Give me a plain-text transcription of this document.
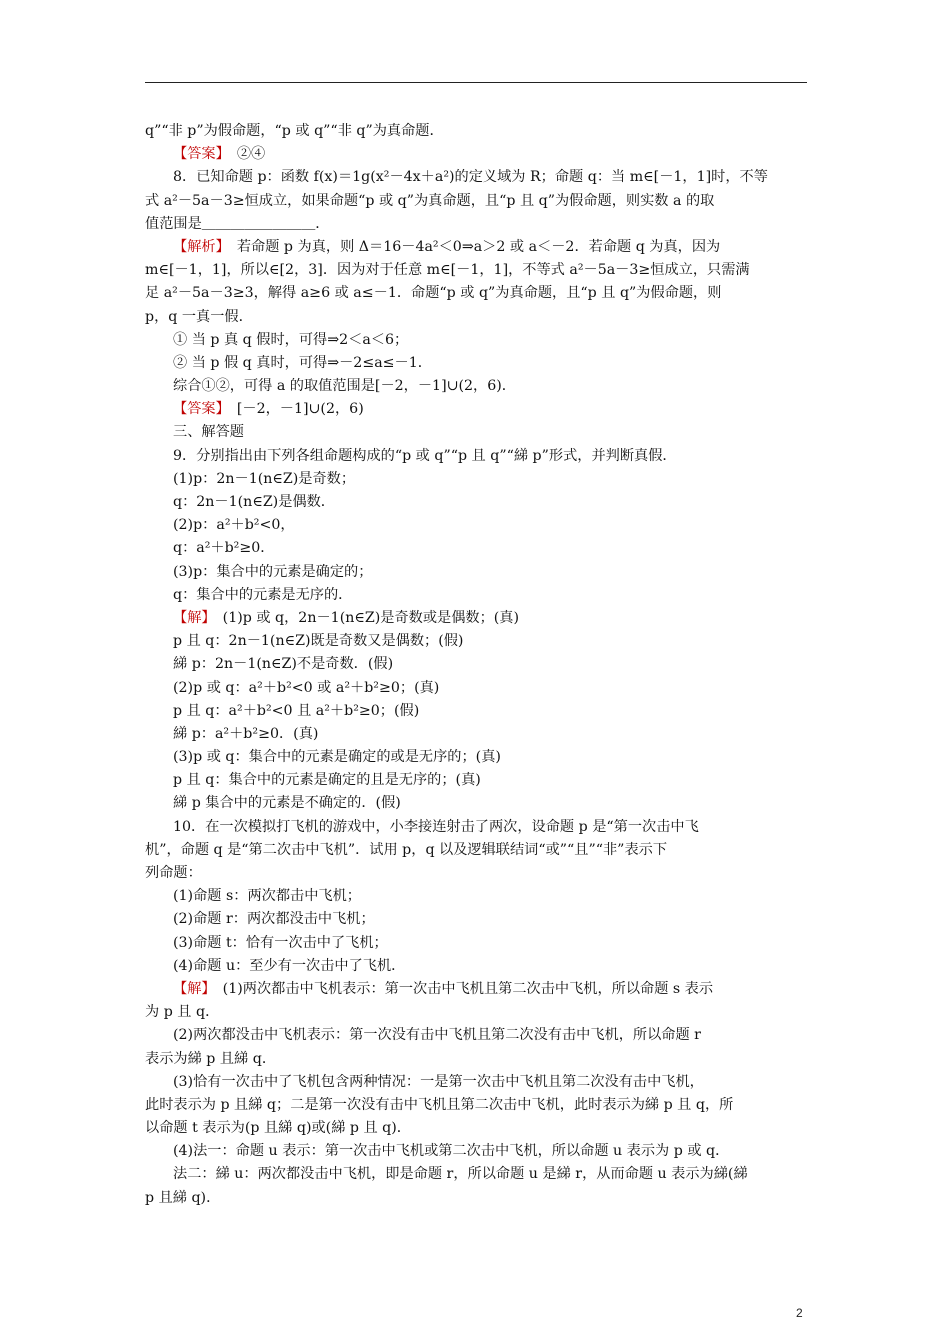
q”“非 p”为假命题，“p 或 q”“非 q”为真命题．
【答案】　②④
8．已知命题 p：函数 f(x)＝1g(x²－4x＋a²)的定义域为 R；命题 q：当 m∈[－1，1]时，不等
式 a²－5a－3≥恒成立，如果命题“p 或 q”为真命题，且“p 且 q”为假命题，则实数 a 的取
值范围是＿＿＿＿＿＿＿＿．
【解析】　若命题 p 为真，则 Δ＝16－4a²＜0⇒a＞2 或 a＜－2．若命题 q 为真，因为
m∈[－1，1]，所以∈[2，3]．因为对于任意 m∈[－1，1]，不等式 a²－5a－3≥恒成立，只需满
足 a²－5a－3≥3，解得 a≥6 或 a≤－1．命题“p 或 q”为真命题，且“p 且 q”为假命题，则
p，q 一真一假．
① 当 p 真 q 假时，可得⇒2＜a＜6；
② 当 p 假 q 真时，可得⇒－2≤a≤－1．
综合①②，可得 a 的取值范围是[－2，－1]∪(2，6)．
【答案】　[－2，－1]∪(2，6)
三、解答题
9．分别指出由下列各组命题构成的“p 或 q”“p 且 q”“綈 p”形式，并判断真假．
(1)p：2n－1(n∈Z)是奇数；
q：2n－1(n∈Z)是偶数．
(2)p：a²＋b²<0，
q：a²＋b²≥0．
(3)p：集合中的元素是确定的；
q：集合中的元素是无序的．
【解】　(1)p 或 q，2n－1(n∈Z)是奇数或是偶数；(真)
p 且 q：2n－1(n∈Z)既是奇数又是偶数；(假)
綈 p：2n－1(n∈Z)不是奇数．(假)
(2)p 或 q：a²＋b²<0 或 a²＋b²≥0；(真)
p 且 q：a²＋b²<0 且 a²＋b²≥0；(假)
綈 p：a²＋b²≥0．(真)
(3)p 或 q：集合中的元素是确定的或是无序的；(真)
p 且 q：集合中的元素是确定的且是无序的；(真)
綈 p 集合中的元素是不确定的．(假)
10．在一次模拟打飞机的游戏中，小李接连射击了两次，设命题 p 是“第一次击中飞
机”，命题 q 是“第二次击中飞机”．试用 p，q 以及逻辑联结词“或”“且”“非”表示下
列命题：
(1)命题 s：两次都击中飞机；
(2)命题 r：两次都没击中飞机；
(3)命题 t：恰有一次击中了飞机；
(4)命题 u：至少有一次击中了飞机．
【解】　(1)两次都击中飞机表示：第一次击中飞机且第二次击中飞机，所以命题 s 表示
为 p 且 q．
(2)两次都没击中飞机表示：第一次没有击中飞机且第二次没有击中飞机，所以命题 r
表示为綈 p 且綈 q．
(3)恰有一次击中了飞机包含两种情况：一是第一次击中飞机且第二次没有击中飞机，
此时表示为 p 且綈 q；二是第一次没有击中飞机且第二次击中飞机，此时表示为綈 p 且 q，所
以命题 t 表示为(p 且綈 q)或(綈 p 且 q)．
(4)法一：命题 u 表示：第一次击中飞机或第二次击中飞机，所以命题 u 表示为 p 或 q．
法二：綈 u：两次都没击中飞机，即是命题 r，所以命题 u 是綈 r，从而命题 u 表示为綈(綈
p 且綈 q)．
2
